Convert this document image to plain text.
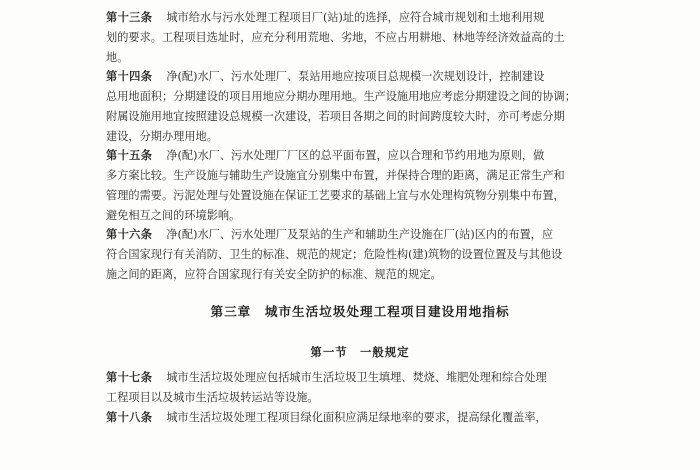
第十三条 城市给水与污水处理工程项目厂(站)址的选择，应符合城市规划和土地利用规

划的要求。工程项目选址时，应充分利用荒地、劣地，不应占用耕地、林地等经济效益高的土

地。

第十四条 净(配)水厂、污水处理厂、泵站用地应按项目总规模一次规划设计，控制建设

总用地面积；分期建设的项目用地应分期办理用地。生产设施用地应考虑分期建设之间的协调；

附属设施用地宜按照建设总规模一次建设，若项目各期之间的时间跨度较大时，亦可考虑分期

建设，分期办理用地。

第十五条 净(配)水厂、污水处理厂厂区的总平面布置，应以合理和节约用地为原则，做

多方案比较。生产设施与辅助生产设施宜分别集中布置，并保持合理的距离，满足正常生产和

管理的需要。污泥处理与处置设施在保证工艺要求的基础上宜与水处理构筑物分别集中布置，

避免相互之间的环境影响。

第十六条 净(配)水厂、污水处理厂及泵站的生产和辅助生产设施在厂(站)区内的布置，应

符合国家现行有关消防、卫生的标准、规范的规定；危险性构(建)筑物的设置位置及与其他设

施之间的距离，应符合国家现行有关安全防护的标准、规范的规定。

第三章　城市生活垃圾处理工程项目建设用地指标
第一节　一般规定

第十七条 城市生活垃圾处理应包括城市生活垃圾卫生填埋、焚烧、堆肥处理和综合处理

工程项目以及城市生活垃圾转运站等设施。

第十八条 城市生活垃圾处理工程项目绿化面积应满足绿地率的要求，提高绿化覆盖率，
